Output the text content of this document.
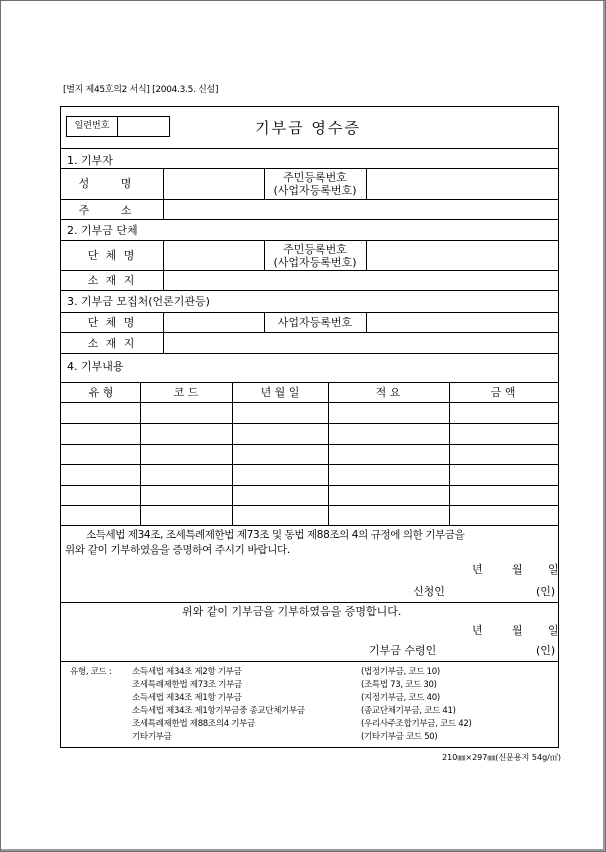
[별지 제45호의2 서식] [2004.3.5. 신설]
일련번호	기부금 영수증
1. 기부자
성 명	주민등록번호
(사업자등록번호)
주 소
2. 기부금 단체
단 체 명	주민등록번호
(사업자등록번호)
소 재 지
3. 기부금 모집처(언론기관등)
단 체 명	사업자등록번호
소 재 지
4. 기부내용
유 형	코 드	년 월 일	적 요	금 액
소득세법 제34조, 조세특례제한법 제73조 및 동법 제88조의 4의 규정에 의한 기부금을
위와 같이 기부하였음을 증명하여 주시기 바랍니다.
년	월 일
신청인	(인)
위와 같이 기부금을 기부하였음을 증명합니다.
년	월 일
기부금 수령인	(인)
유형, 코드 : 소득세법 제34조 제2항 기부금	(법정기부금, 코드 10)
조세특례제한법 제73조 기부금	(조특법 73, 코드 30)
소득세법 제34조 제1항 기부금	(지정기부금, 코드 40)
소득세법 제34조 제1항기부금중 종교단체기부금	(종교단체기부금, 코드 41)
조세특례제한법 제88조의4 기부금	(우리사주조합기부금, 코드 42)
기타기부금	(기타기부금 코드 50)
210㎜×297㎜(신문용지 54g/㎡)
